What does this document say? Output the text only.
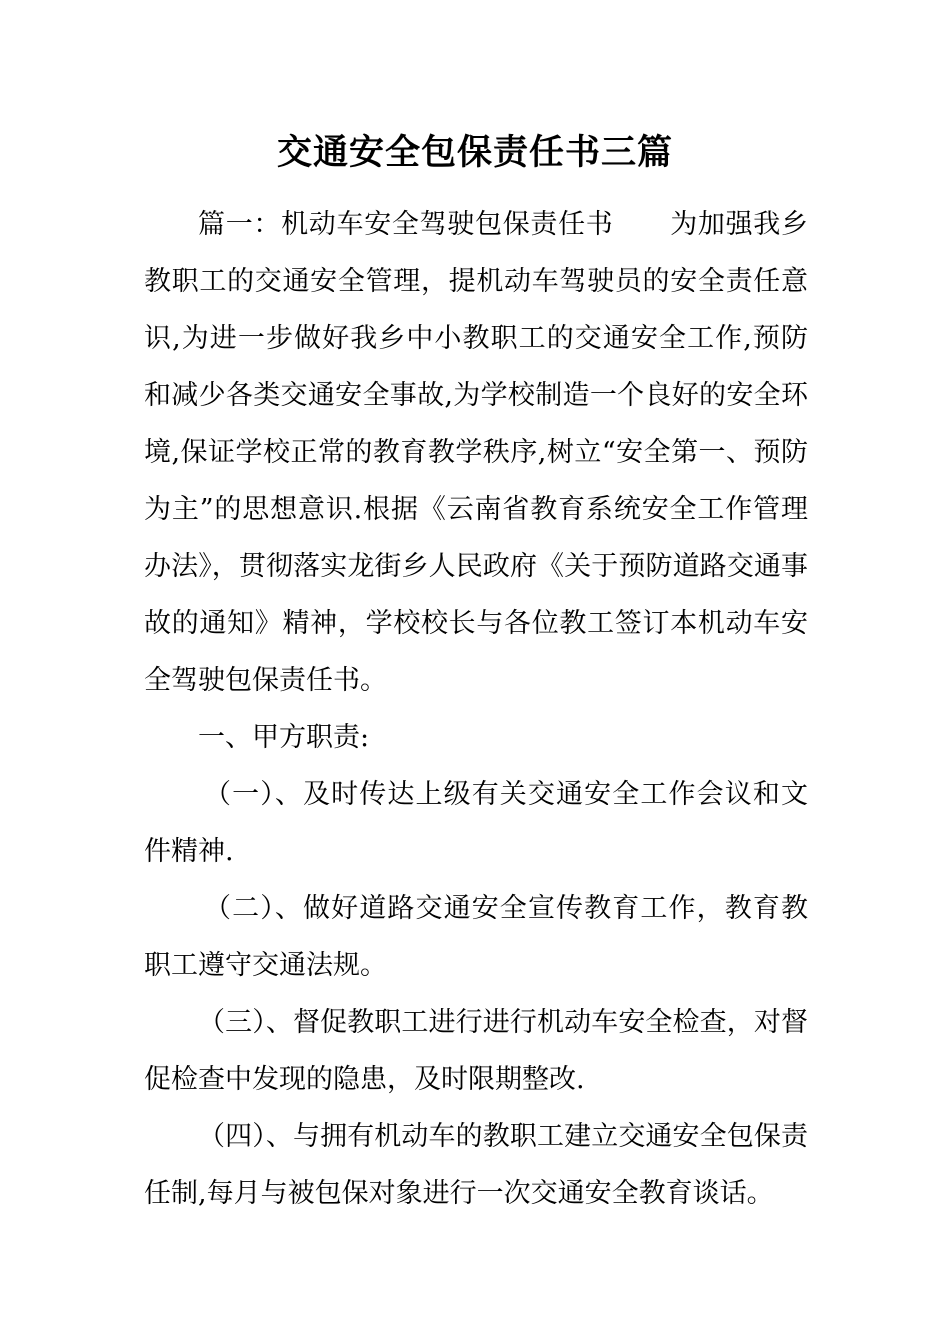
交通安全包保责任书三篇

篇一：机动车安全驾驶包保责任书 为加强我乡教职工的交通安全管理，提机动车驾驶员的安全责任意识,为进一步做好我乡中小教职工的交通安全工作,预防和减少各类交通安全事故,为学校制造一个良好的安全环境,保证学校正常的教育教学秩序,树立“安全第一、预防为主”的思想意识.根据《云南省教育系统安全工作管理办法》，贯彻落实龙街乡人民政府《关于预防道路交通事故的通知》精神，学校校长与各位教工签订本机动车安全驾驶包保责任书。

一、甲方职责:

（一）、及时传达上级有关交通安全工作会议和文件精神.

（二）、做好道路交通安全宣传教育工作，教育教职工遵守交通法规。

（三）、督促教职工进行进行机动车安全检查，对督促检查中发现的隐患，及时限期整改.

（四）、与拥有机动车的教职工建立交通安全包保责任制,每月与被包保对象进行一次交通安全教育谈话。
